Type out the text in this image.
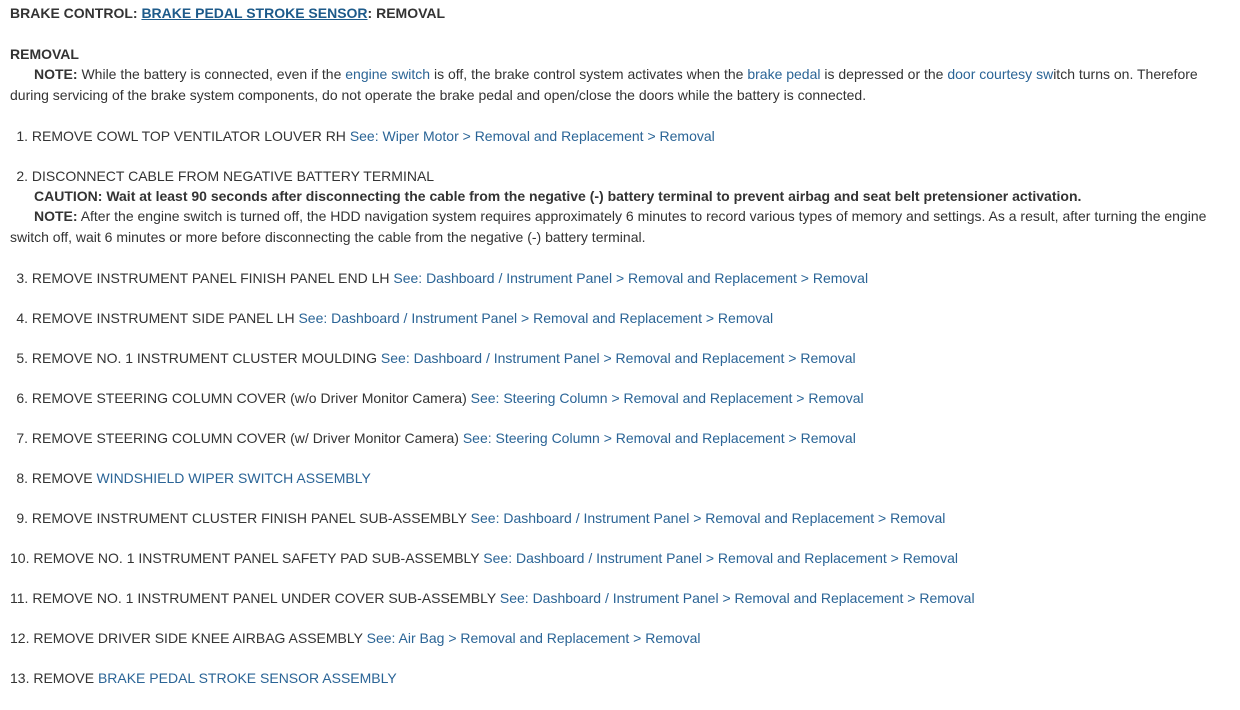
BRAKE CONTROL: BRAKE PEDAL STROKE SENSOR: REMOVAL
REMOVAL
NOTE: While the battery is connected, even if the engine switch is off, the brake control system activates when the brake pedal is depressed or the door courtesy switch turns on. Therefore during servicing of the brake system components, do not operate the brake pedal and open/close the doors while the battery is connected.
1. REMOVE COWL TOP VENTILATOR LOUVER RH See: Wiper Motor > Removal and Replacement > Removal
2. DISCONNECT CABLE FROM NEGATIVE BATTERY TERMINAL
CAUTION: Wait at least 90 seconds after disconnecting the cable from the negative (-) battery terminal to prevent airbag and seat belt pretensioner activation.
NOTE: After the engine switch is turned off, the HDD navigation system requires approximately 6 minutes to record various types of memory and settings. As a result, after turning the engine switch off, wait 6 minutes or more before disconnecting the cable from the negative (-) battery terminal.
3. REMOVE INSTRUMENT PANEL FINISH PANEL END LH See: Dashboard / Instrument Panel > Removal and Replacement > Removal
4. REMOVE INSTRUMENT SIDE PANEL LH See: Dashboard / Instrument Panel > Removal and Replacement > Removal
5. REMOVE NO. 1 INSTRUMENT CLUSTER MOULDING See: Dashboard / Instrument Panel > Removal and Replacement > Removal
6. REMOVE STEERING COLUMN COVER (w/o Driver Monitor Camera) See: Steering Column > Removal and Replacement > Removal
7. REMOVE STEERING COLUMN COVER (w/ Driver Monitor Camera) See: Steering Column > Removal and Replacement > Removal
8. REMOVE WINDSHIELD WIPER SWITCH ASSEMBLY
9. REMOVE INSTRUMENT CLUSTER FINISH PANEL SUB-ASSEMBLY See: Dashboard / Instrument Panel > Removal and Replacement > Removal
10. REMOVE NO. 1 INSTRUMENT PANEL SAFETY PAD SUB-ASSEMBLY See: Dashboard / Instrument Panel > Removal and Replacement > Removal
11. REMOVE NO. 1 INSTRUMENT PANEL UNDER COVER SUB-ASSEMBLY See: Dashboard / Instrument Panel > Removal and Replacement > Removal
12. REMOVE DRIVER SIDE KNEE AIRBAG ASSEMBLY See: Air Bag > Removal and Replacement > Removal
13. REMOVE BRAKE PEDAL STROKE SENSOR ASSEMBLY
